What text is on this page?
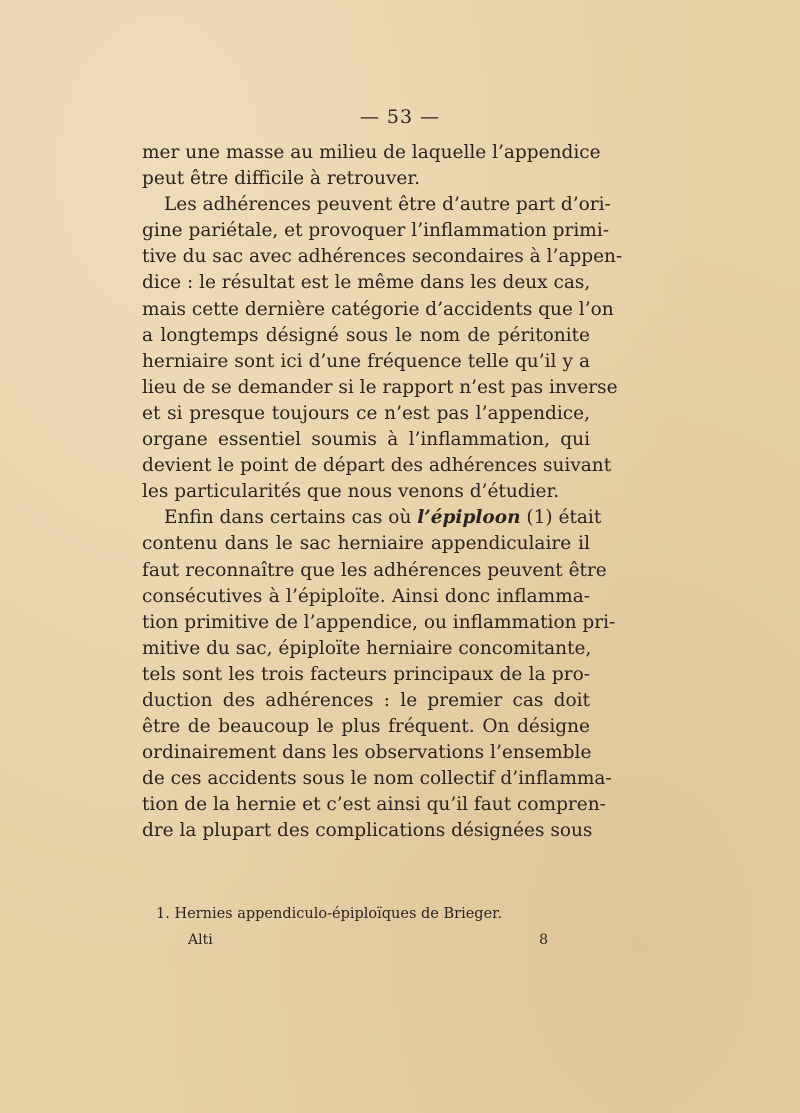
— 53 —
mer une masse au milieu de laquelle l’appendice
peut être difficile à retrouver.
Les adhérences peuvent être d’autre part d’ori-
gine pariétale, et provoquer l’inflammation primi-
tive du sac avec adhérences secondaires à l’appen-
dice : le résultat est le même dans les deux cas,
mais cette dernière catégorie d’accidents que l’on
a longtemps désigné sous le nom de péritonite
herniaire sont ici d’une fréquence telle qu’il y a
lieu de se demander si le rapport n’est pas inverse
et si presque toujours ce n’est pas l’appendice,
organe essentiel soumis à l’inflammation, qui
devient le point de départ des adhérences suivant
les particularités que nous venons d’étudier.
Enfin dans certains cas où l’épiploon (1) était
contenu dans le sac herniaire appendiculaire il
faut reconnaître que les adhérences peuvent être
consécutives à l’épiploïte. Ainsi donc inflamma-
tion primitive de l’appendice, ou inflammation pri-
mitive du sac, épiploïte herniaire concomitante,
tels sont les trois facteurs principaux de la pro-
duction des adhérences : le premier cas doit
être de beaucoup le plus fréquent. On désigne
ordinairement dans les observations l’ensemble
de ces accidents sous le nom collectif d’inflamma-
tion de la hernie et c’est ainsi qu’il faut compren-
dre la plupart des complications désignées sous
1. Hernies appendiculo-épiploïques de Brieger.
Alti	8
